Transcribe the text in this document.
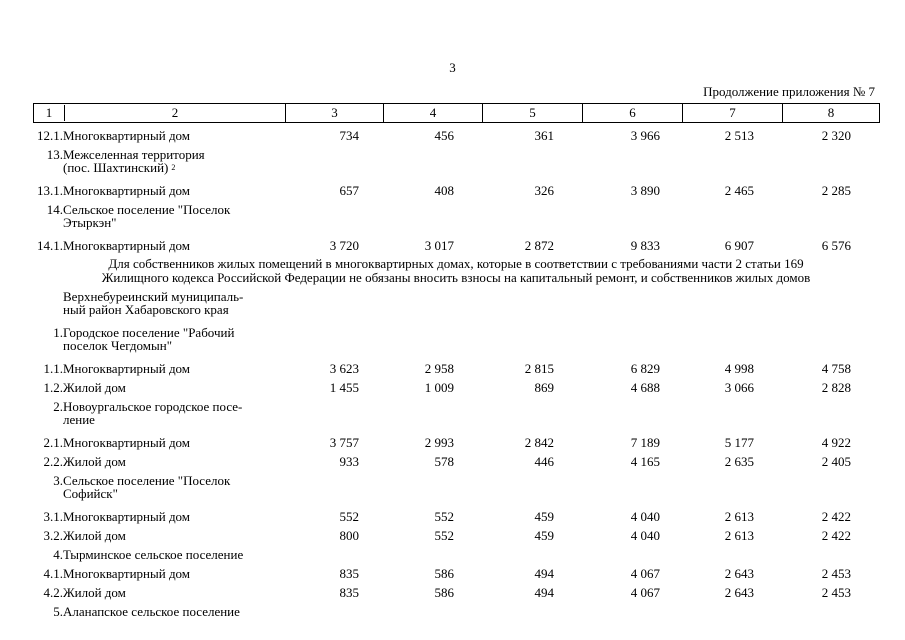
3
Продолжение приложения № 7
1	2	3	4	5	6	7	8
12.1.	Многоквартирный дом	734	456	361	3 966	2 513	2 320
13.	Межселенная территория
(пос. Шахтинский) 2						

13.1.	Многоквартирный дом	657	408	326	3 890	2 465	2 285
14.	Сельское поселение "Поселок
Этыркэн"						

14.1.	Многоквартирный дом	3 720	3 017	2 872	9 833	6 907	6 576

Для собственников жилых помещений в многоквартирных домах, которые в соответствии с требованиями части 2 статьи 169
Жилищного кодекса Российской Федерации не обязаны вносить взносы на капитальный ремонт, и собственников жилых домов							

	Верхнебуреинский муниципаль-
ный район Хабаровского края						

1.	Городское поселение "Рабочий
поселок Чегдомын"						

1.1.	Многоквартирный дом	3 623	2 958	2 815	6 829	4 998	4 758
1.2.	Жилой дом	1 455	1 009	869	4 688	3 066	2 828
2.	Новоургальское городское посе-
ление						

2.1.	Многоквартирный дом	3 757	2 993	2 842	7 189	5 177	4 922
2.2.	Жилой дом	933	578	446	4 165	2 635	2 405
3.	Сельское поселение "Поселок
Софийск"						

3.1.	Многоквартирный дом	552	552	459	4 040	2 613	2 422
3.2.	Жилой дом	800	552	459	4 040	2 613	2 422
4.	Тырминское сельское поселение						
4.1.	Многоквартирный дом	835	586	494	4 067	2 643	2 453
4.2.	Жилой дом	835	586	494	4 067	2 643	2 453
5.	Аланапское сельское поселение						
